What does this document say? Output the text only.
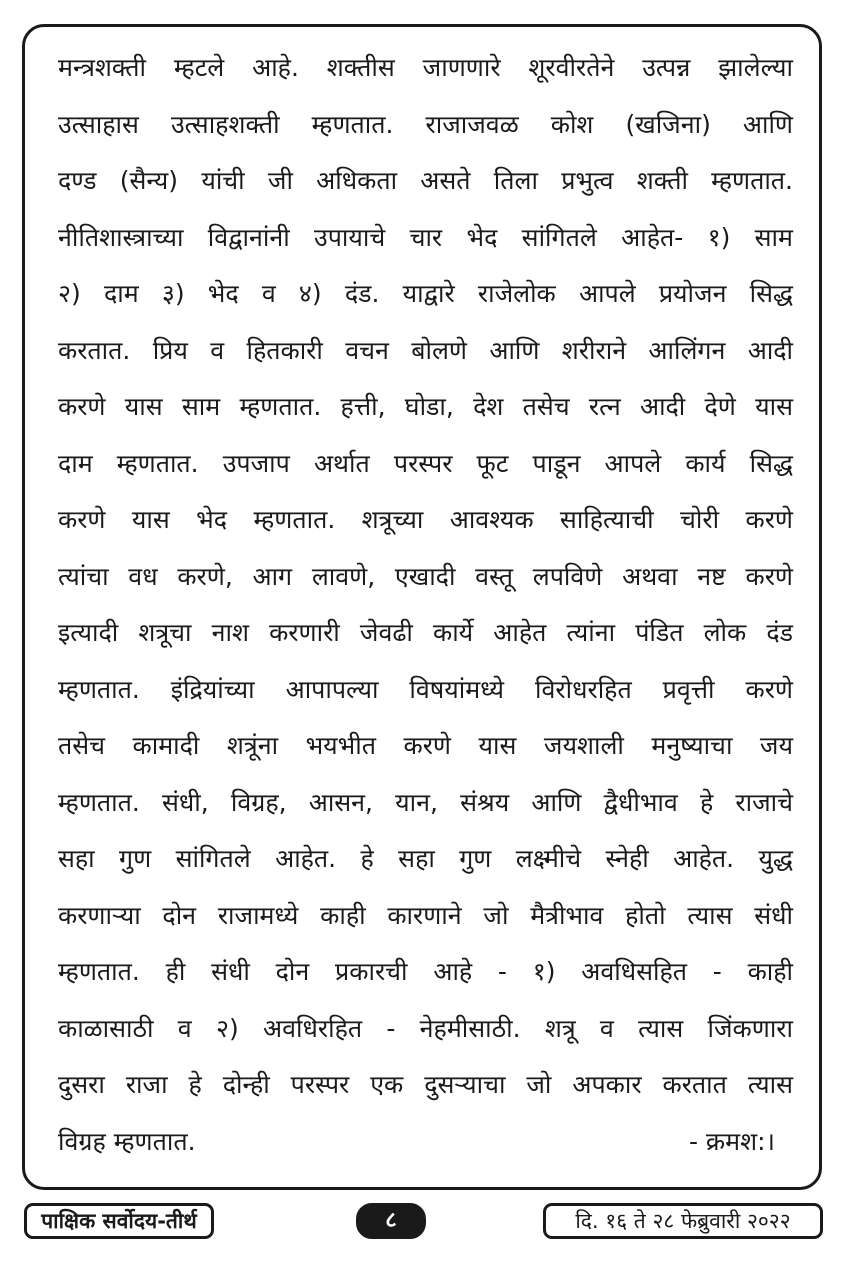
मन्त्रशक्ती म्हटले आहे. शक्तीस जाणणारे शूरवीरतेने उत्पन्न झालेल्या
उत्साहास उत्साहशक्ती म्हणतात. राजाजवळ कोश (खजिना) आणि
दण्ड (सैन्य) यांची जी अधिकता असते तिला प्रभुत्व शक्ती म्हणतात.
नीतिशास्त्राच्या विद्वानांनी उपायाचे चार भेद सांगितले आहेत- १) साम
२) दाम ३) भेद व ४) दंड. याद्वारे राजेलोक आपले प्रयोजन सिद्ध
करतात. प्रिय व हितकारी वचन बोलणे आणि शरीराने आलिंगन आदी
करणे यास साम म्हणतात. हत्ती, घोडा, देश तसेच रत्न आदी देणे यास
दाम म्हणतात. उपजाप अर्थात परस्पर फूट पाडून आपले कार्य सिद्ध
करणे यास भेद म्हणतात. शत्रूच्या आवश्यक साहित्याची चोरी करणे
त्यांचा वध करणे, आग लावणे, एखादी वस्तू लपविणे अथवा नष्ट करणे
इत्यादी शत्रूचा नाश करणारी जेवढी कार्ये आहेत त्यांना पंडित लोक दंड
म्हणतात. इंद्रियांच्या आपापल्या विषयांमध्ये विरोधरहित प्रवृत्ती करणे
तसेच कामादी शत्रूंना भयभीत करणे यास जयशाली मनुष्याचा जय
म्हणतात. संधी, विग्रह, आसन, यान, संश्रय आणि द्वैधीभाव हे राजाचे
सहा गुण सांगितले आहेत. हे सहा गुण लक्ष्मीचे स्नेही आहेत. युद्ध
करणाऱ्या दोन राजामध्ये काही कारणाने जो मैत्रीभाव होतो त्यास संधी
म्हणतात. ही संधी दोन प्रकारची आहे - १) अवधिसहित - काही
काळासाठी व २) अवधिरहित - नेहमीसाठी. शत्रू व त्यास जिंकणारा
दुसरा राजा हे दोन्ही परस्पर एक दुसऱ्याचा जो अपकार करतात त्यास
विग्रह म्हणतात.	- क्रमश:।
पाक्षिक सर्वोदय-तीर्थ	८	दि. १६ ते २८ फेब्रुवारी २०२२
